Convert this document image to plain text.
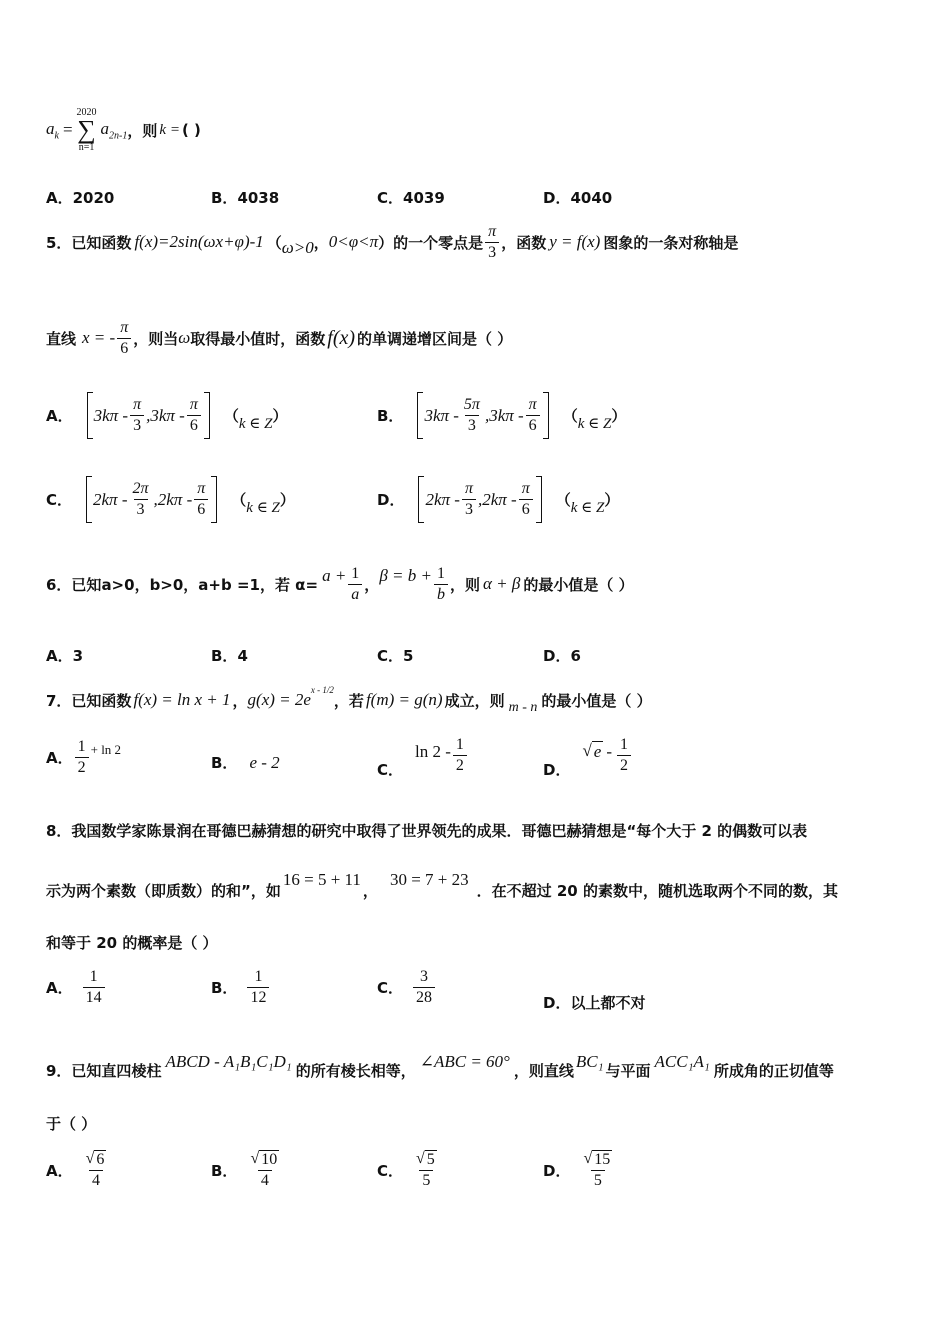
$a_k$ =
2020
∑
n=1
$a_{2n-1}$ ，则 k = ( )
A． 2020	B． 4038	C． 4039	D． 4040
5．已知函数 f(x)=2sin(ωx+φ)-1 （ ω>0 ， 0<φ<π ）的一个零点是 $\frac{\pi}{3}$ ，函数 y = f(x) 图象的一条对称轴是
直线 x = - $\frac{\pi}{6}$ ，则当 ω 取得最小值时，函数 f(x) 的单调递增区间是（ ）
A． $3k\pi - \frac{\pi}{3} ,3k\pi - \frac{\pi}{6}$ （ k ∈ Z ）	B． $3k\pi - \frac{5\pi}{3} ,3k\pi - \frac{\pi}{6}$ （ k ∈ Z ）
C． $2k\pi - \frac{2\pi}{3} ,2k\pi - \frac{\pi}{6}$ （ k ∈ Z ）	D． $2k\pi - \frac{\pi}{3} ,2k\pi - \frac{\pi}{6}$ （ k ∈ Z ）
6．已知 a>0，b>0，a+b =1，若 $\alpha= a + \frac{1}{a}$ ， $\beta = b + \frac{1}{b}$ ，则 α + β 的最小值是（ ）
A． 3	B． 4	C． 5	D． 6
7．已知函数 f(x) = ln x + 1 ， $g(x) = 2e^{x - 1/2}$
，若 f(m) = g(n) 成立，则 m - n 的最小值是（ ）
A． $\frac{1}{2} + \ln 2$
B． e - 2	C．
$\ln 2 - \frac{1}{2}$	D．
√ e - $\frac{1}{2}$
8．我国数学家陈景润在哥德巴赫猜想的研究中取得了世界领先的成果．哥德巴赫猜想是“每个大于 2 的偶数可以表
示为两个素数（即质数）的和”，如
16 = 5 + 11
，
30 = 7 + 23
．在不超过 20 的素数中，随机选取两个不同的数，其
和等于 20 的概率是（ ）
A． $\frac{1}{14}$	B． $\frac{1}{12}$	C． $\frac{3}{28}$	D． 以上都不对
9．已知直四棱柱 ABCD - A₁B₁C₁D₁ 的所有棱长相等， ∠ABC = 60° ，则直线 BC₁ 与平面 ACC₁A₁ 所成角的正切值等
于（ ）
A． $\frac{√ 6}{4}$	B． $\frac{√ 10}{4}$	C． $\frac{√ 5}{5}$	D． $\frac{√ 15}{5}$
